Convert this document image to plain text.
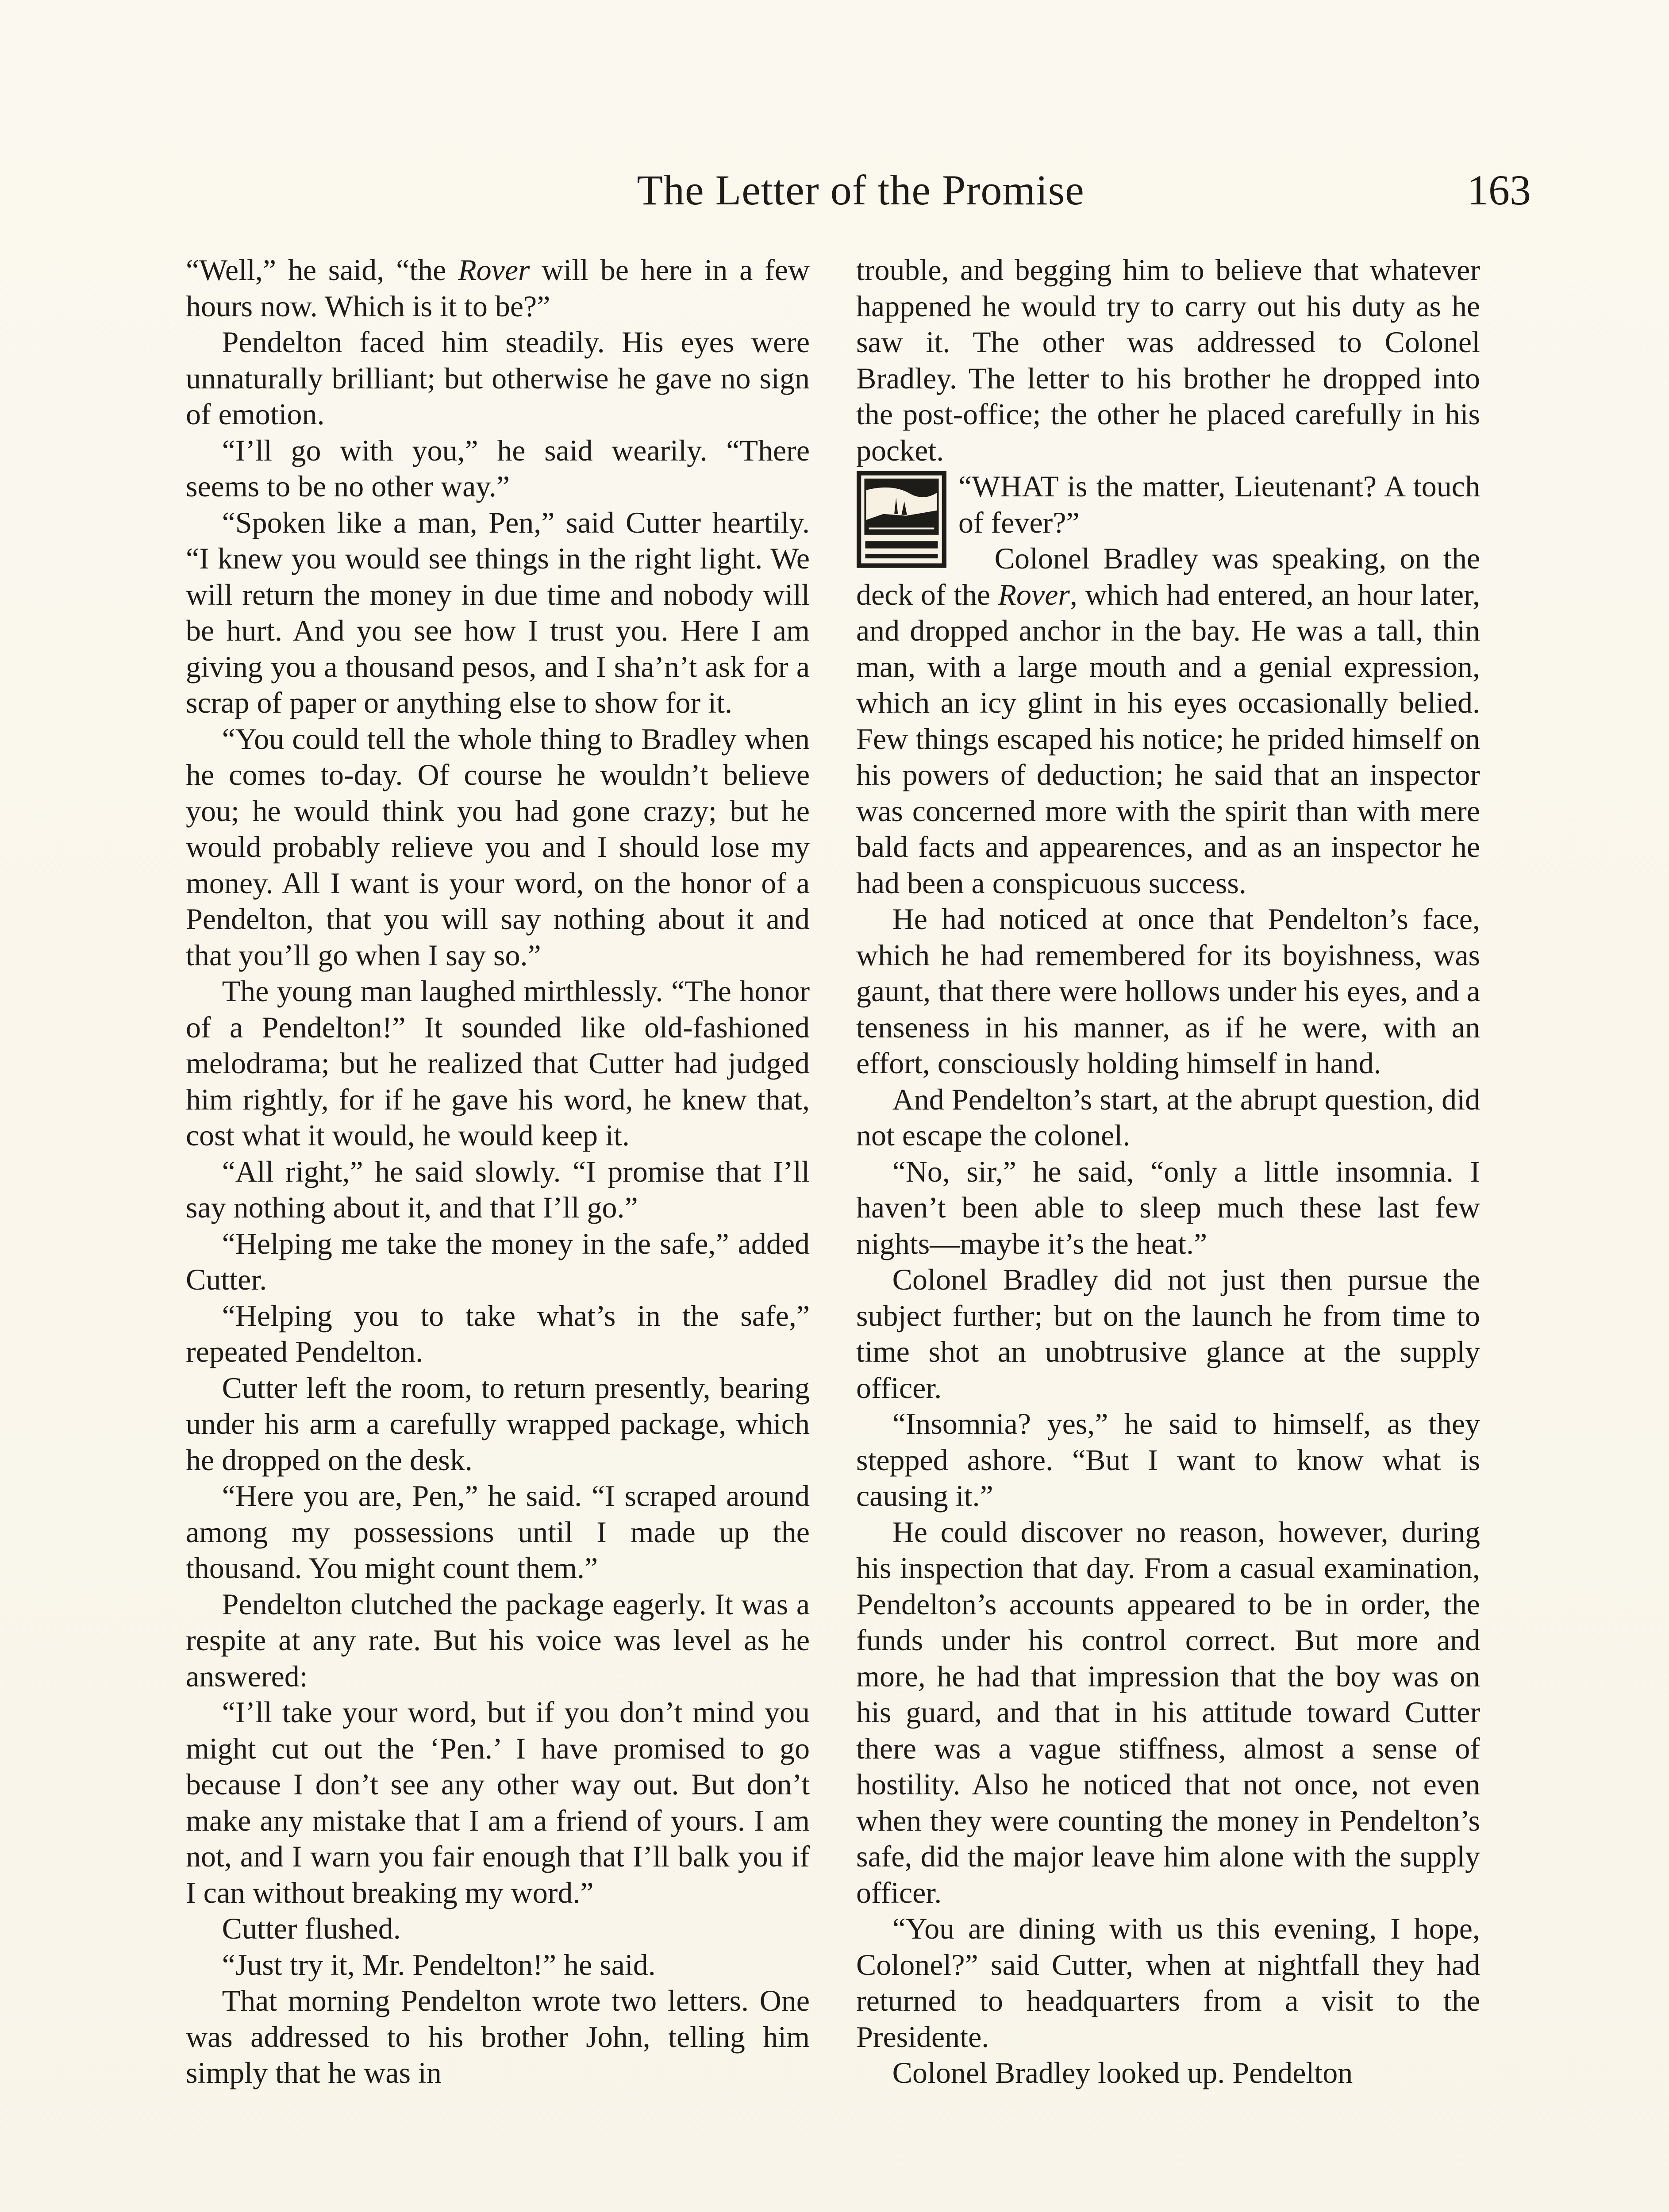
The Letter of the Promise	163

“Well,” he said, “the Rover will be here in a few hours now. Which is it to be?”

Pendelton faced him steadily. His eyes were unnaturally brilliant; but otherwise he gave no sign of emotion.

“I’ll go with you,” he said wearily. “There seems to be no other way.”

“Spoken like a man, Pen,” said Cutter heartily. “I knew you would see things in the right light. We will return the money in due time and nobody will be hurt. And you see how I trust you. Here I am giving you a thousand pesos, and I sha’n’t ask for a scrap of paper or anything else to show for it.

“You could tell the whole thing to Bradley when he comes to-day. Of course he wouldn’t believe you; he would think you had gone crazy; but he would probably relieve you and I should lose my money. All I want is your word, on the honor of a Pendelton, that you will say nothing about it and that you’ll go when I say so.”

The young man laughed mirthlessly. “The honor of a Pendelton!” It sounded like old-fashioned melodrama; but he realized that Cutter had judged him rightly, for if he gave his word, he knew that, cost what it would, he would keep it.

“All right,” he said slowly. “I promise that I’ll say nothing about it, and that I’ll go.”

“Helping me take the money in the safe,” added Cutter.

“Helping you to take what’s in the safe,” repeated Pendelton.

Cutter left the room, to return presently, bearing under his arm a carefully wrapped package, which he dropped on the desk.

“Here you are, Pen,” he said. “I scraped around among my possessions until I made up the thousand. You might count them.”

Pendelton clutched the package eagerly. It was a respite at any rate. But his voice was level as he answered:

“I’ll take your word, but if you don’t mind you might cut out the ‘Pen.’ I have promised to go because I don’t see any other way out. But don’t make any mistake that I am a friend of yours. I am not, and I warn you fair enough that I’ll balk you if I can without breaking my word.”

Cutter flushed.

“Just try it, Mr. Pendelton!” he said.

That morning Pendelton wrote two letters. One was addressed to his brother John, telling him simply that he was in

trouble, and begging him to believe that whatever happened he would try to carry out his duty as he saw it. The other was addressed to Colonel Bradley. The letter to his brother he dropped into the post-office; the other he placed carefully in his pocket.

“WHAT is the matter, Lieutenant? A touch of fever?”

Colonel Bradley was speaking, on the deck of the Rover, which had entered, an hour later, and dropped anchor in the bay. He was a tall, thin man, with a large mouth and a genial expression, which an icy glint in his eyes occasionally belied. Few things escaped his notice; he prided himself on his powers of deduction; he said that an inspector was concerned more with the spirit than with mere bald facts and appearences, and as an inspector he had been a conspicuous success.

He had noticed at once that Pendelton’s face, which he had remembered for its boyishness, was gaunt, that there were hollows under his eyes, and a tenseness in his manner, as if he were, with an effort, consciously holding himself in hand.

And Pendelton’s start, at the abrupt question, did not escape the colonel.

“No, sir,” he said, “only a little insomnia. I haven’t been able to sleep much these last few nights—maybe it’s the heat.”

Colonel Bradley did not just then pursue the subject further; but on the launch he from time to time shot an unobtrusive glance at the supply officer.

“Insomnia? yes,” he said to himself, as they stepped ashore. “But I want to know what is causing it.”

He could discover no reason, however, during his inspection that day. From a casual examination, Pendelton’s accounts appeared to be in order, the funds under his control correct. But more and more, he had that impression that the boy was on his guard, and that in his attitude toward Cutter there was a vague stiffness, almost a sense of hostility. Also he noticed that not once, not even when they were counting the money in Pendelton’s safe, did the major leave him alone with the supply officer.

“You are dining with us this evening, I hope, Colonel?” said Cutter, when at nightfall they had returned to headquarters from a visit to the Presidente.

Colonel Bradley looked up. Pendelton
